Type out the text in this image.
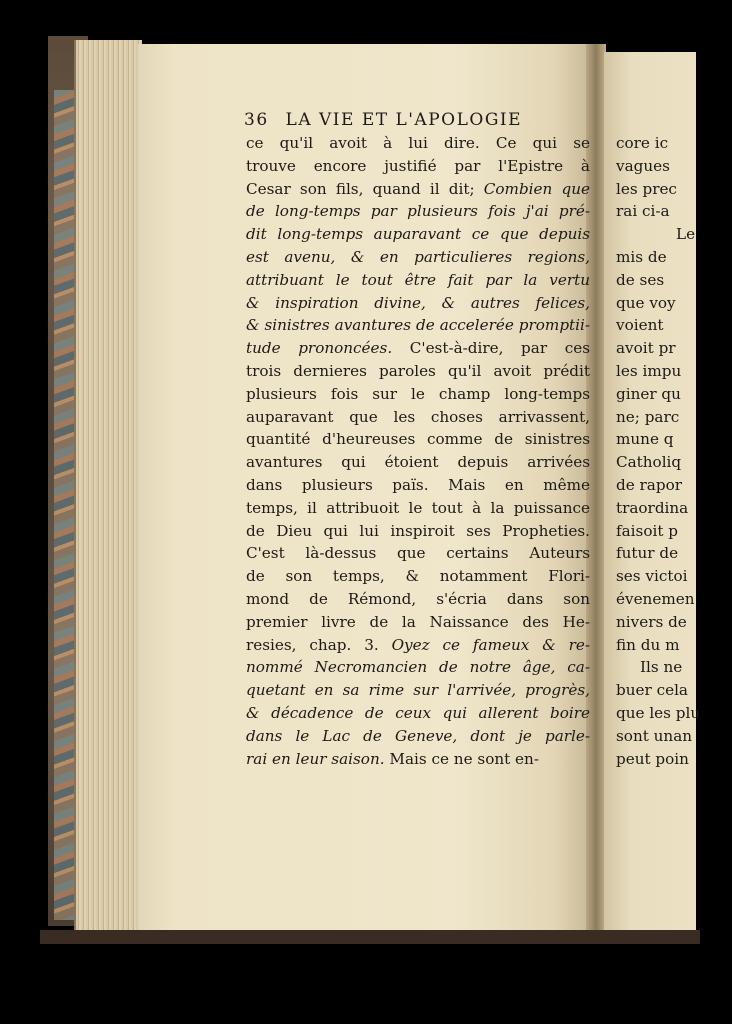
36 LA VIE ET L'APOLOGIE
ce qu'il avoit à lui dire. Ce qui se
trouve encore justifié par l'Epistre à
Cesar son fils, quand il dit; Combien que
de long-temps par plusieurs fois j'ai pré-
dit long-temps auparavant ce que depuis
est avenu, & en particulieres regions,
attribuant le tout être fait par la vertu
& inspiration divine, & autres felices,
& sinistres avantures de accelerée promptii-
tude prononcées. C'est-à-dire, par ces
trois dernieres paroles qu'il avoit prédit
plusieurs fois sur le champ long-temps
auparavant que les choses arrivassent,
quantité d'heureuses comme de sinistres
avantures qui étoient depuis arrivées
dans plusieurs païs. Mais en même
temps, il attribuoit le tout à la puissance
de Dieu qui lui inspiroit ses Propheties.
C'est là-dessus que certains Auteurs
de son temps, & notamment Flori-
mond de Rémond, s'écria dans son
premier livre de la Naissance des He-
resies, chap. 3. Oyez ce fameux & re-
nommé Necromancien de notre âge, ca-
quetant en sa rime sur l'arrivée, progrès,
& décadence de ceux qui allerent boire
dans le Lac de Geneve, dont je parle-
rai en leur saison. Mais ce ne sont en-
core ic
vagues
les prec
rai ci-a
Le
mis de
de ses
que voy
voient
avoit pr
les impu
giner qu
ne; parc
mune q
Catholiq
de rapor
traordina
faisoit p
futur de
ses victoi
évenemen
nivers de
fin du m
Ils ne
buer cela
que les plu
sont unan
peut poin
